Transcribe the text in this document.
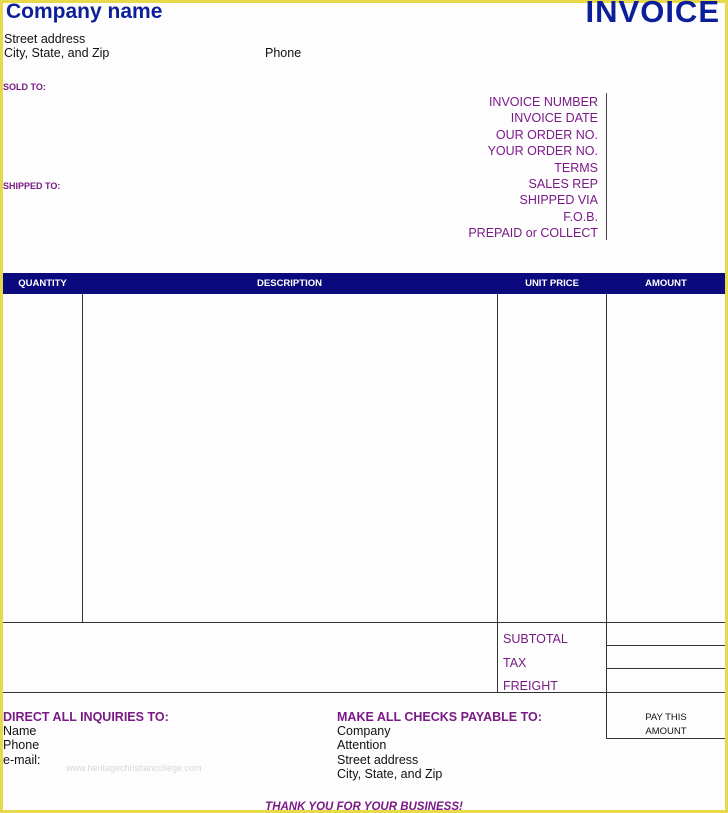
Company name	INVOICE
Street address
City, State, and Zip	Phone
SOLD TO:
SHIPPED TO:
INVOICE NUMBER
INVOICE DATE
OUR ORDER NO.
YOUR ORDER NO.
TERMS
SALES REP
SHIPPED VIA
F.O.B.
PREPAID or COLLECT
QUANTITY	DESCRIPTION	UNIT PRICE	AMOUNT
SUBTOTAL
TAX
FREIGHT
PAY THIS
AMOUNT
DIRECT ALL INQUIRIES TO:
Name
Phone
e-mail:
MAKE ALL CHECKS PAYABLE TO:
Company
Attention
Street address
City, State, and Zip
www.heritagechristiancollege.com
THANK YOU FOR YOUR BUSINESS!
